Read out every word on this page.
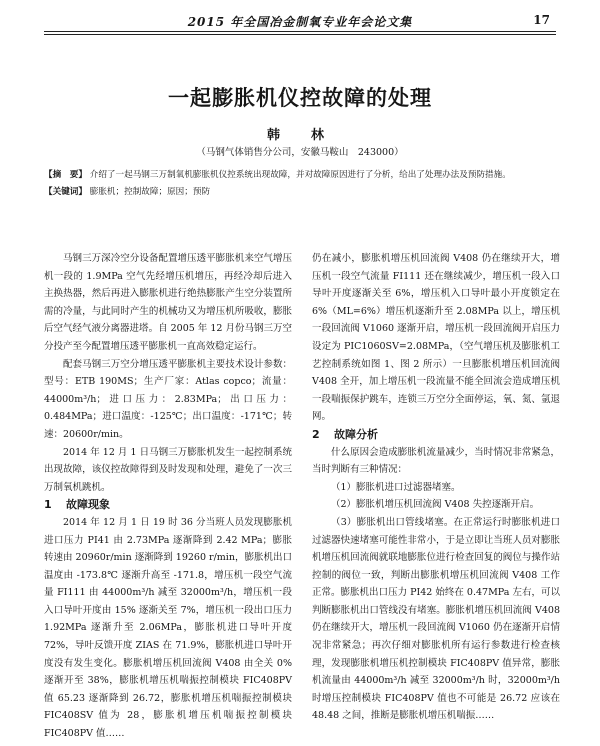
2015 年全国冶金制氧专业年会论文集	17
一起膨胀机仪控故障的处理
韩　林
（马钢气体销售分公司，安徽马鞍山　243000）
【摘　要】 介绍了一起马钢三万制氧机膨胀机仪控系统出现故障，并对故障原因进行了分析，给出了处理办法及预防措施。
【关键词】 膨胀机；控制故障；原因；预防

马钢三万深冷空分设备配置增压透平膨胀机来空气增压机一段的 1.9MPa 空气先经增压机增压，再经冷却后进入主换热器，然后再进入膨胀机进行绝热膨胀产生空分装置所需的冷量，与此同时产生的机械功又为增压机所吸收，膨胀后空气经气液分离器进塔。自 2005 年 12 月份马钢三万空分投产至今配置增压透平膨胀机一直高效稳定运行。

配套马钢三万空分增压透平膨胀机主要技术设计参数：型号：ETB 190MS；生产厂家：Atlas copco；流量：44000m³/h；进口压力：2.83MPa；出口压力：0.484MPa；进口温度：-125℃；出口温度：-171℃；转速：20600r/min。

2014 年 12 月 1 日马钢三万膨胀机发生一起控制系统出现故障，该仪控故障得到及时发现和处理，避免了一次三万制氧机跳机。

1 故障现象

2014 年 12 月 1 日 19 时 36 分当班人员发现膨胀机进口压力 PI41 由 2.73MPa 逐渐降到 2.42 MPa；膨胀转速由 20960r/min 逐渐降到 19260 r/min，膨胀机出口温度由 -173.8℃ 逐渐升高至 -171.8，增压机一段空气流量 FI111 由 44000m³/h 减至 32000m³/h，增压机一段入口导叶开度由 15% 逐渐关至 7%，增压机一段出口压力 1.92MPa 逐渐升至 2.06MPa，膨胀机进口导叶开度 72%，导叶反馈开度 ZIAS 在 71.9%，膨胀机进口导叶开度没有发生变化。膨胀机增压机回流阀 V408 由全关 0% 逐渐开至 38%，膨胀机增压机喘振控制模块 FIC408PV 值 65.23 逐渐降到 26.72，膨胀机增压机喘振控制模块 FIC408SV 值为 28，膨胀机增压机喘振控制模块 FIC408PV 值……

仍在减小，膨胀机增压机回流阀 V408 仍在继续开大，增压机一段空气流量 FI111 还在继续减少，增压机一段入口导叶开度逐渐关至 6%，增压机入口导叶最小开度锁定在 6%（ML=6%）增压机逐渐升至 2.08MPa 以上，增压机一段回流阀 V1060 逐渐开启，增压机一段回流阀开启压力设定为 PIC1060SV=2.08MPa，（空气增压机及膨胀机工艺控制系统如图 1、图 2 所示）一旦膨胀机增压机回流阀 V408 全开，加上增压机一段流量不能全回流会造成增压机一段喘振保护跳车，连锁三万空分全面停运，氧、氮、氩退网。

2 故障分析

什么原因会造成膨胀机流量减少，当时情况非常紧急，当时判断有三种情况：

（1）膨胀机进口过滤器堵塞。

（2）膨胀机增压机回流阀 V408 失控逐渐开启。

（3）膨胀机出口管线堵塞。在正常运行时膨胀机进口过滤器快速堵塞可能性非常小，于是立即让当班人员对膨胀机增压机回流阀就联地膨胀位进行检查回复的阀位与操作站控制的阀位一致，判断出膨胀机增压机回流阀 V408 工作正常。膨胀机出口压力 PI42 始终在 0.47MPa 左右，可以判断膨胀机出口管线没有堵塞。膨胀机增压机回流阀 V408 仍在继续开大，增压机一段回流阀 V1060 仍在逐渐开启情况非常紧急；再次仔细对膨胀机所有运行参数进行检查核理，发现膨胀机增压机控制模块 FIC408PV 值异常，膨胀机流量由 44000m³/h 减至 32000m³/h 时，32000m³/h 时增压控制模块 FIC408PV 值也不可能是 26.72 应该在 48.48 之间，推断是膨胀机增压机喘振……
